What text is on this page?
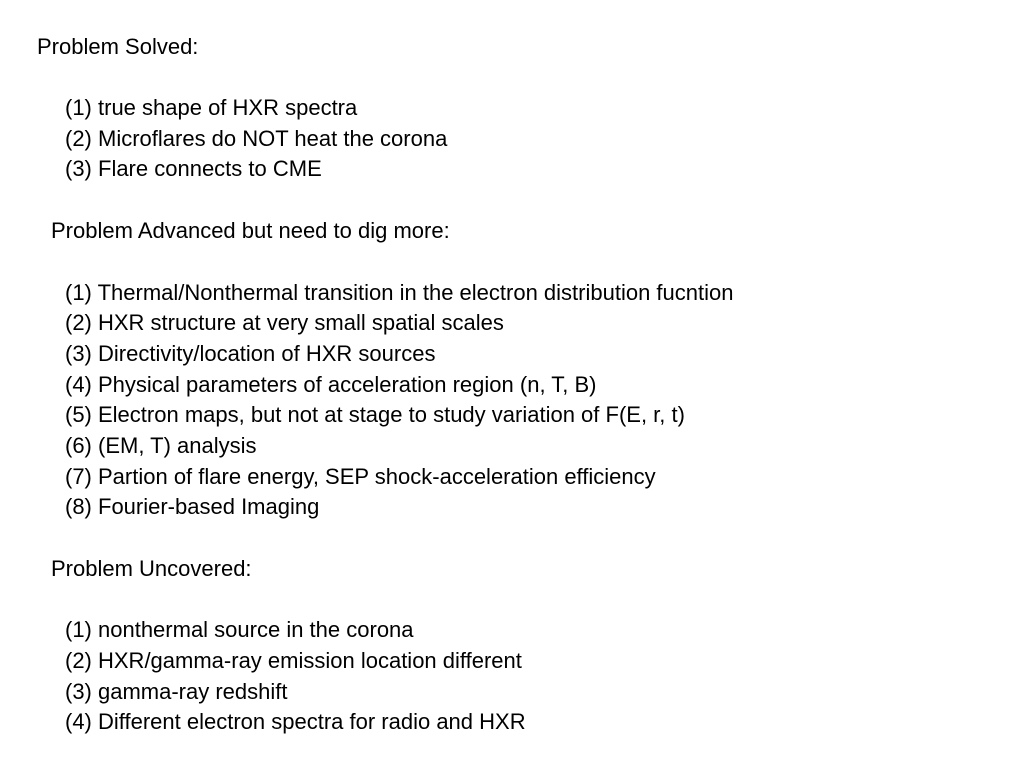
Problem Solved:
(1) true shape of HXR spectra
(2) Microflares do NOT heat the corona
(3) Flare connects to CME
Problem Advanced but need to dig more:
(1) Thermal/Nonthermal transition in the electron distribution fucntion
(2) HXR structure at very small spatial scales
(3) Directivity/location of HXR sources
(4) Physical parameters of acceleration region (n, T, B)
(5) Electron maps, but not at stage to study variation of F(E, r, t)
(6) (EM, T) analysis
(7) Partion of flare energy, SEP shock-acceleration efficiency
(8) Fourier-based Imaging
Problem Uncovered:
(1) nonthermal source in the corona
(2) HXR/gamma-ray emission location different
(3) gamma-ray redshift
(4) Different electron spectra for radio and HXR
